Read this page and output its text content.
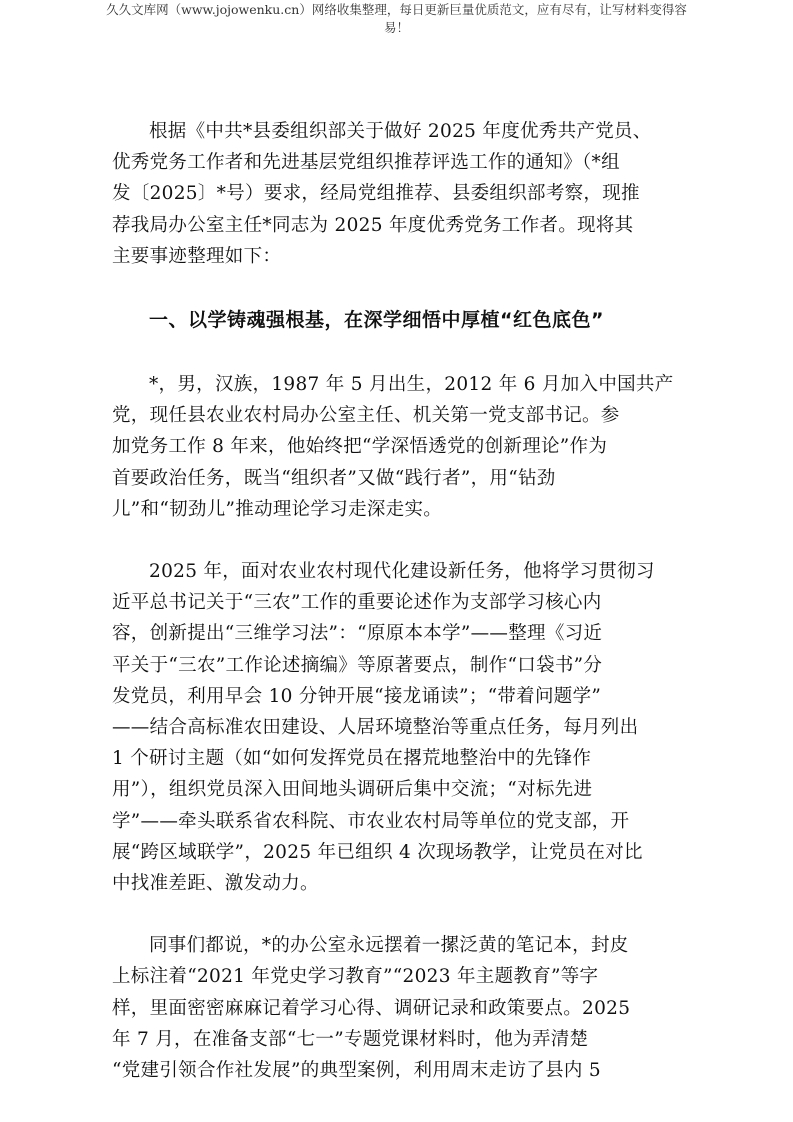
久久文库网（www.jojowenku.cn）网络收集整理，每日更新巨量优质范文，应有尽有，让写材料变得容
易！

根据《中共*县委组织部关于做好 2025 年度优秀共产党员、
优秀党务工作者和先进基层党组织推荐评选工作的通知》（*组
发〔2025〕*号）要求，经局党组推荐、县委组织部考察，现推
荐我局办公室主任*同志为 2025 年度优秀党务工作者。现将其
主要事迹整理如下：

一、以学铸魂强根基，在深学细悟中厚植“红色底色”

*，男，汉族，1987 年 5 月出生，2012 年 6 月加入中国共产
党，现任县农业农村局办公室主任、机关第一党支部书记。参
加党务工作 8 年来，他始终把“学深悟透党的创新理论”作为
首要政治任务，既当“组织者”又做“践行者”，用“钻劲
儿”和“韧劲儿”推动理论学习走深走实。

2025 年，面对农业农村现代化建设新任务，他将学习贯彻习
近平总书记关于“三农”工作的重要论述作为支部学习核心内
容，创新提出“三维学习法”：“原原本本学”——整理《习近
平关于“三农”工作论述摘编》等原著要点，制作“口袋书”分
发党员，利用早会 10 分钟开展“接龙诵读”；“带着问题学”
——结合高标准农田建设、人居环境整治等重点任务，每月列出
1 个研讨主题（如“如何发挥党员在撂荒地整治中的先锋作
用”），组织党员深入田间地头调研后集中交流；“对标先进
学”——牵头联系省农科院、市农业农村局等单位的党支部，开
展“跨区域联学”，2025 年已组织 4 次现场教学，让党员在对比
中找准差距、激发动力。

同事们都说，*的办公室永远摆着一摞泛黄的笔记本，封皮
上标注着“2021 年党史学习教育”“2023 年主题教育”等字
样，里面密密麻麻记着学习心得、调研记录和政策要点。2025
年 7 月，在准备支部“七一”专题党课材料时，他为弄清楚
“党建引领合作社发展”的典型案例，利用周末走访了县内 5
